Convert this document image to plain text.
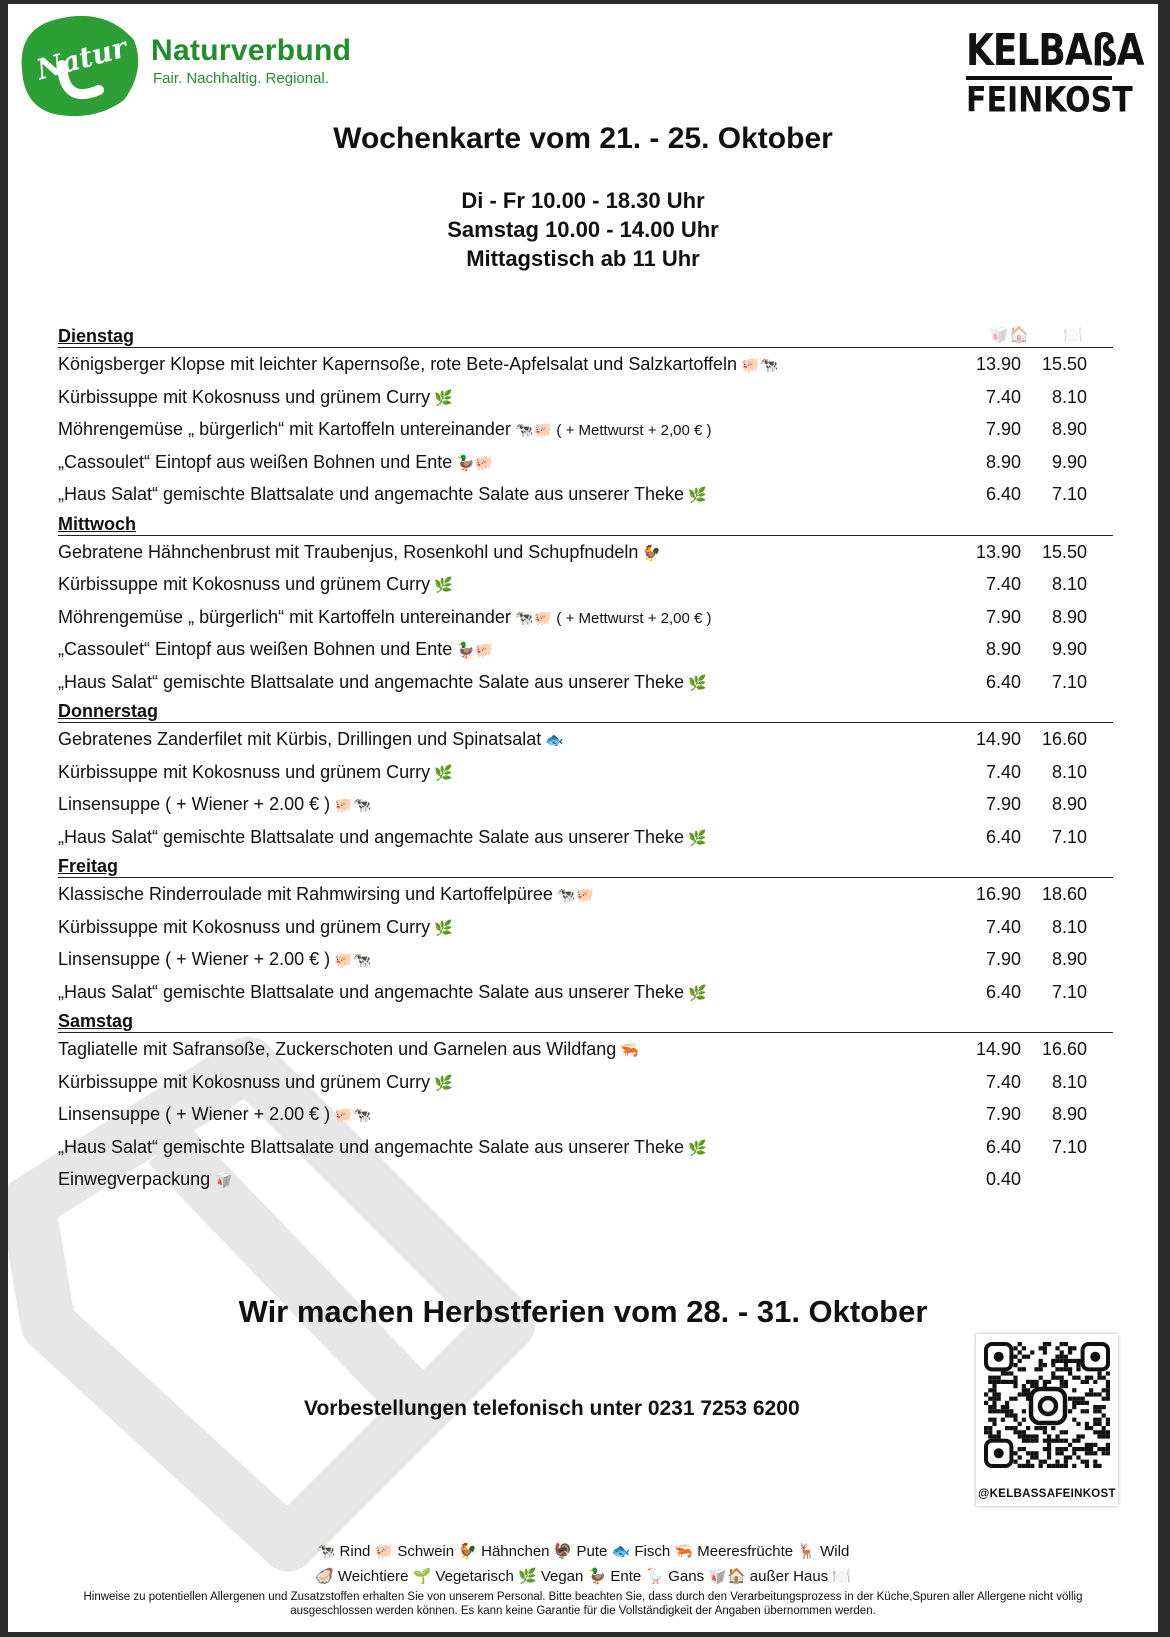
Natur Naturverbund
Fair. Nachhaltig. Regional.
KELBAßA
FEINKOST
Wochenkarte vom 21. - 25. Oktober
Di - Fr 10.00 - 18.30 Uhr
Samstag 10.00 - 14.00 Uhr
Mittagstisch ab 11 Uhr
Dienstag	🥡🏠 🍽️
Königsberger Klopse mit leichter Kapernsoße, rote Bete-Apfelsalat und Salzkartoffeln 🐖🐄	13.90	15.50
Kürbissuppe mit Kokosnuss und grünem Curry 🌿	7.40	8.10
Möhrengemüse „ bürgerlich“ mit Kartoffeln untereinander 🐄🐖 ( + Mettwurst + 2,00 € )	7.90	8.90
„Cassoulet“ Eintopf aus weißen Bohnen und Ente 🦆🐖	8.90	9.90
„Haus Salat“ gemischte Blattsalate und angemachte Salate aus unserer Theke 🌿	6.40	7.10
Mittwoch
Gebratene Hähnchenbrust mit Traubenjus, Rosenkohl und Schupfnudeln 🐓	13.90	15.50
Kürbissuppe mit Kokosnuss und grünem Curry 🌿	7.40	8.10
Möhrengemüse „ bürgerlich“ mit Kartoffeln untereinander 🐄🐖 ( + Mettwurst + 2,00 € )	7.90	8.90
„Cassoulet“ Eintopf aus weißen Bohnen und Ente 🦆🐖	8.90	9.90
„Haus Salat“ gemischte Blattsalate und angemachte Salate aus unserer Theke 🌿	6.40	7.10
Donnerstag
Gebratenes Zanderfilet mit Kürbis, Drillingen und Spinatsalat 🐟	14.90	16.60
Kürbissuppe mit Kokosnuss und grünem Curry 🌿	7.40	8.10
Linsensuppe ( + Wiener + 2.00 € ) 🐖🐄	7.90	8.90
„Haus Salat“ gemischte Blattsalate und angemachte Salate aus unserer Theke 🌿	6.40	7.10
Freitag
Klassische Rinderroulade mit Rahmwirsing und Kartoffelpüree 🐄🐖	16.90	18.60
Kürbissuppe mit Kokosnuss und grünem Curry 🌿	7.40	8.10
Linsensuppe ( + Wiener + 2.00 € ) 🐖🐄	7.90	8.90
„Haus Salat“ gemischte Blattsalate und angemachte Salate aus unserer Theke 🌿	6.40	7.10
Samstag
Tagliatelle mit Safransoße, Zuckerschoten und Garnelen aus Wildfang 🦐	14.90	16.60
Kürbissuppe mit Kokosnuss und grünem Curry 🌿	7.40	8.10
Linsensuppe ( + Wiener + 2.00 € ) 🐖🐄	7.90	8.90
„Haus Salat“ gemischte Blattsalate und angemachte Salate aus unserer Theke 🌿	6.40	7.10
Einwegverpackung 🥡	0.40
Wir machen Herbstferien vom 28. - 31. Oktober
Vorbestellungen telefonisch unter 0231 7253 6200
@KELBASSAFEINKOST
🐄 Rind 🐖 Schwein 🐓 Hähnchen 🦃 Pute 🐟 Fisch 🦐 Meeresfrüchte 🦌 Wild
🦪 Weichtiere 🌱 Vegetarisch 🌿 Vegan 🦆 Ente 🪿 Gans 🥡🏠 außer Haus 🍽️
Hinweise zu potentiellen Allergenen und Zusatzstoffen erhalten Sie von unserem Personal. Bitte beachten Sie, dass durch den Verarbeitungsprozess in der Küche,Spuren aller Allergene nicht völlig ausgeschlossen werden können. Es kann keine Garantie für die Vollständigkeit der Angaben übernommen werden.
